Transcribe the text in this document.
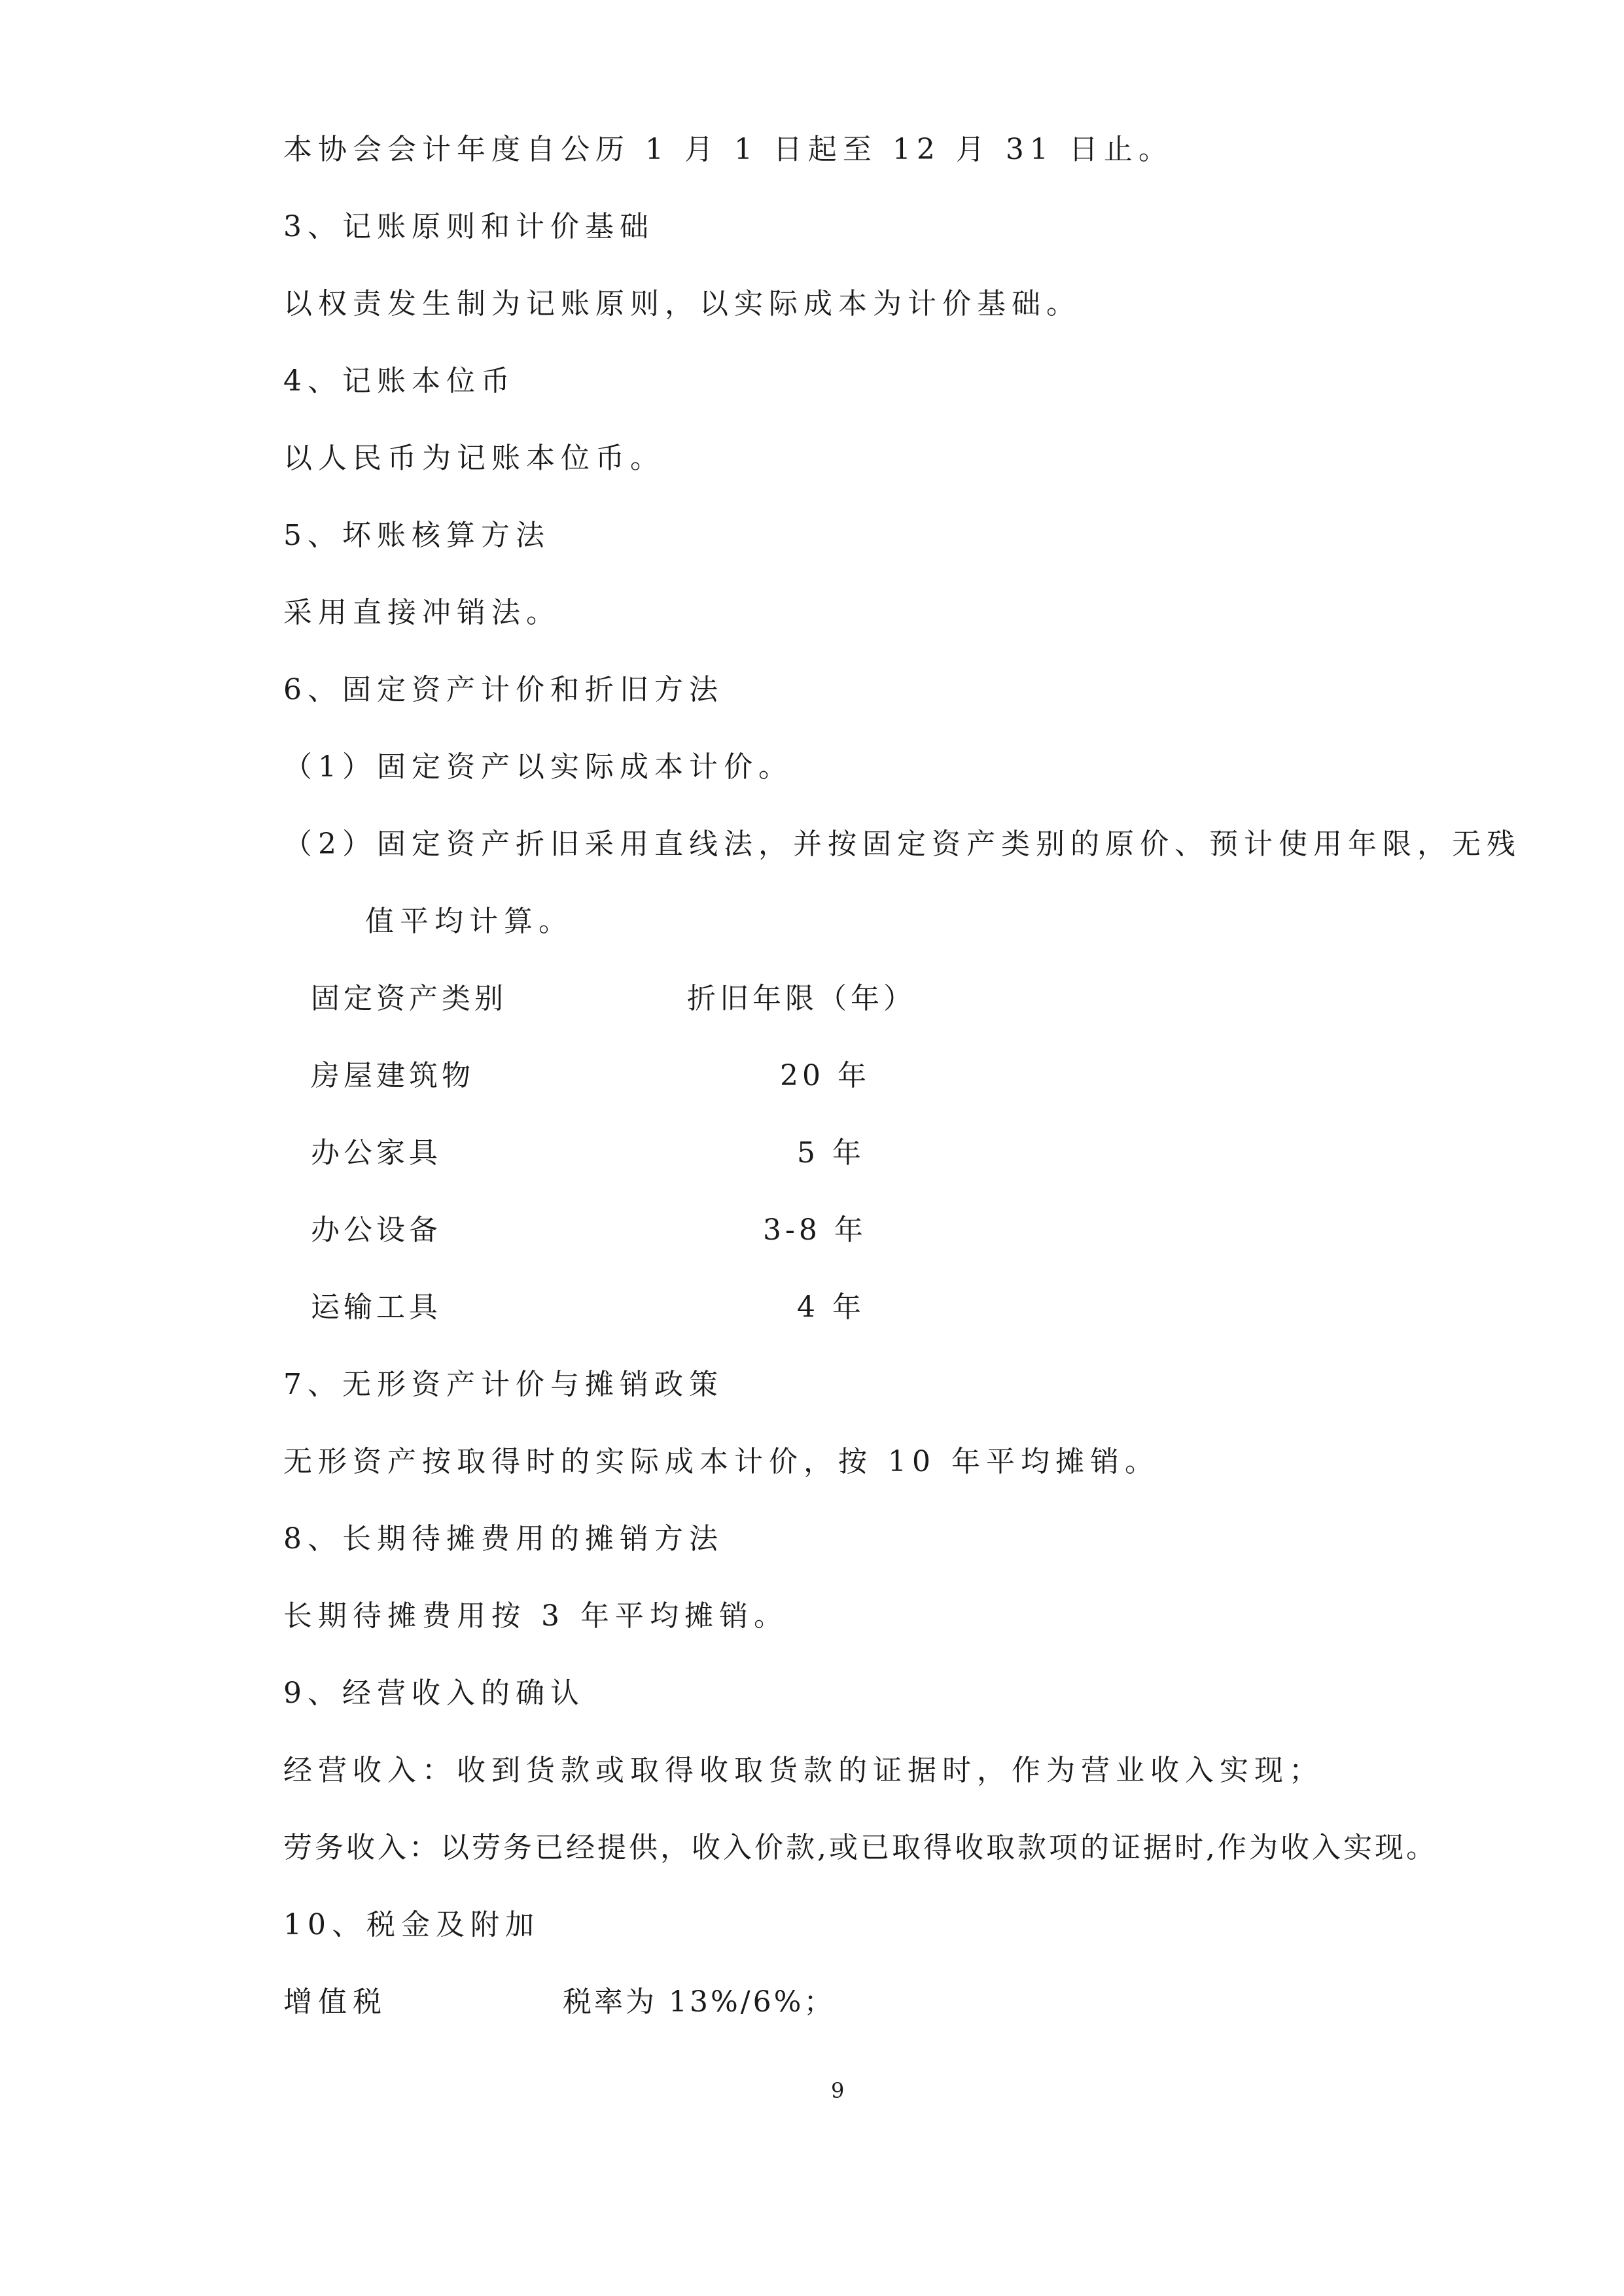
本协会会计年度自公历 1 月 1 日起至 12 月 31 日止。
3、记账原则和计价基础
以权责发生制为记账原则，以实际成本为计价基础。
4、记账本位币
以人民币为记账本位币。
5、坏账核算方法
采用直接冲销法。
6、固定资产计价和折旧方法
（1）固定资产以实际成本计价。
（2）固定资产折旧采用直线法，并按固定资产类别的原价、预计使用年限，无残
值平均计算。
固定资产类别	折旧年限（年）
房屋建筑物	20 年
办公家具	5 年
办公设备	3-8 年
运输工具	4 年
7、无形资产计价与摊销政策
无形资产按取得时的实际成本计价，按 10 年平均摊销。
8、长期待摊费用的摊销方法
长期待摊费用按 3 年平均摊销。
9、经营收入的确认
经营收入：收到货款或取得收取货款的证据时，作为营业收入实现；
劳务收入：以劳务已经提供，收入价款,或已取得收取款项的证据时,作为收入实现。
10、税金及附加
增值税	税率为 13%/6%；
9
